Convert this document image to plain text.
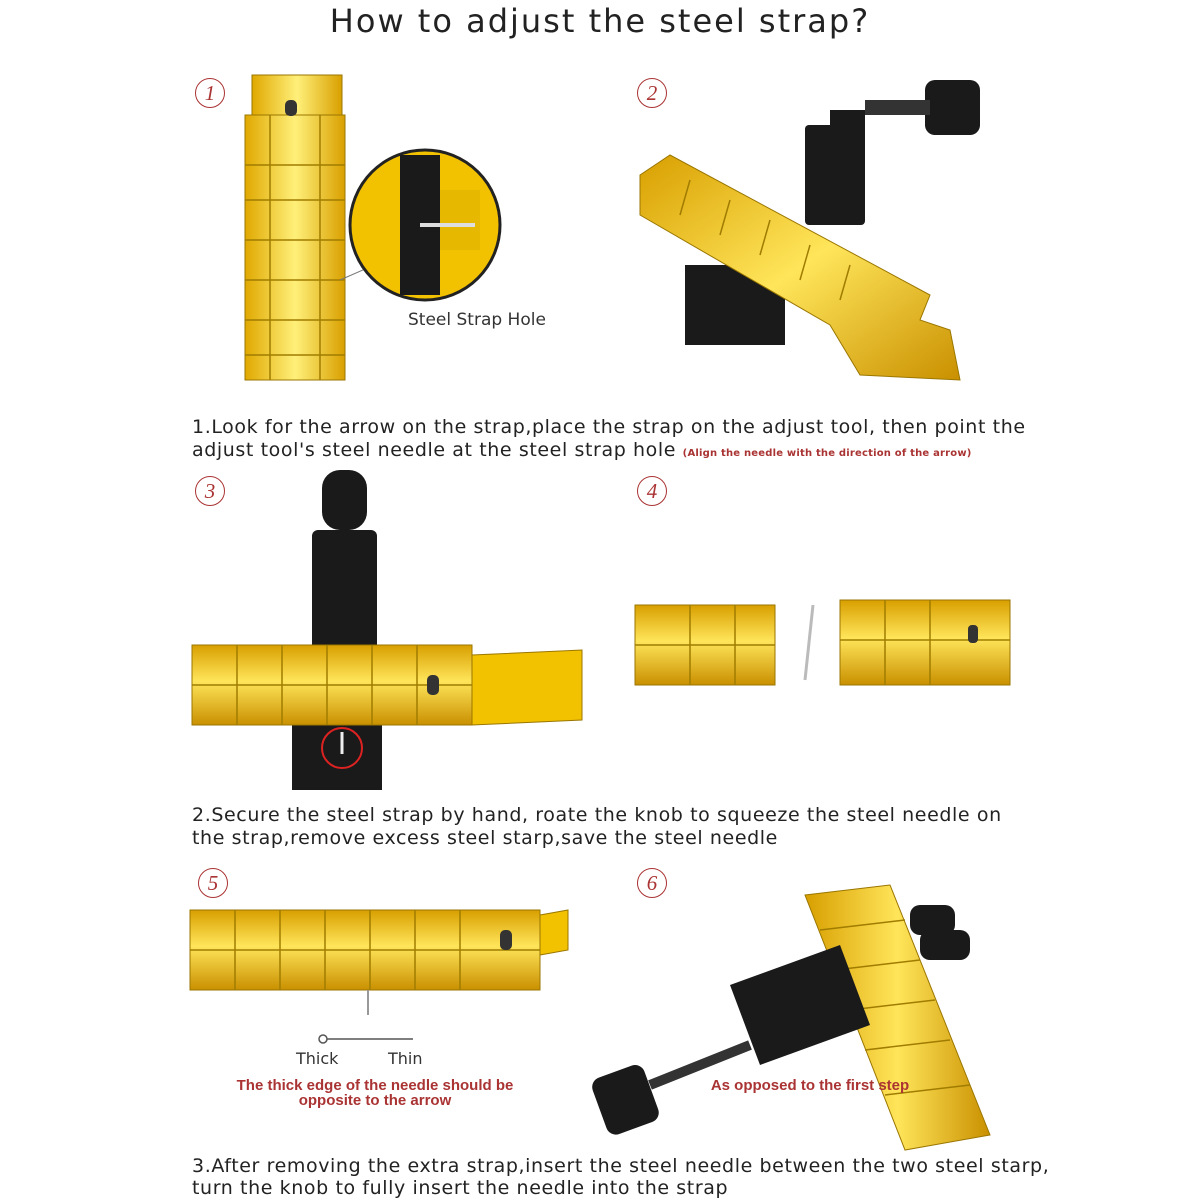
How to adjust the steel strap?
1
Steel Strap Hole
2
1.Look for the arrow on the strap,place the strap on the adjust tool, then point the
adjust tool's steel needle at the steel strap hole (Align the needle with the direction of the arrow)
3	4
2.Secure the steel strap by hand, roate the knob to squeeze the steel needle on
the strap,remove excess steel starp,save the steel needle
5
Thick	Thin
The thick edge of the needle should be opposite to the arrow
6
As opposed to the first step
3.After removing the extra strap,insert the steel needle between the two steel starp,
turn the knob to fully insert the needle into the strap
